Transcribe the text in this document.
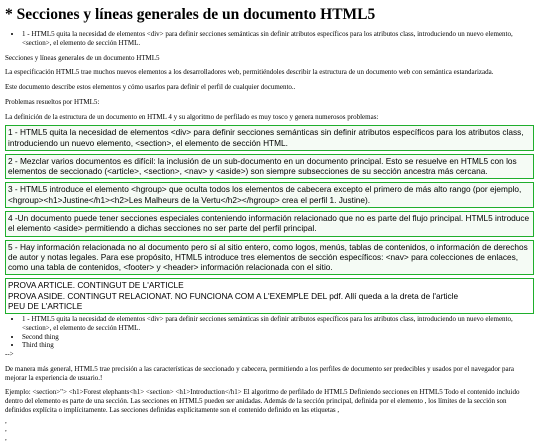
* Secciones y líneas generales de un documento HTML5
• 1 - HTML5 quita la necesidad de elementos <div> para definir secciones semánticas sin definir atributos específicos para los atributos class, introduciendo un nuevo elemento, <section>, el elemento de sección HTML.

Secciones y líneas generales de un documento HTML5

La especificación HTML5 trae muchos nuevos elementos a los desarrolladores web, permitiéndoles describir la estructura de un documento web con semántica estandarizada.

Este documento describe estos elementos y cómo usarlos para definir el perfil de cualquier documento..

Problemas resueltos por HTML5:

La definición de la estructura de un documento en HTML 4 y su algoritmo de perfilado es muy tosco y genera numerosos problemas:

1 - HTML5 quita la necesidad de elementos <div> para definir secciones semánticas sin definir atributos específicos para los atributos class, introduciendo un nuevo elemento, <section>, el elemento de sección HTML.
2 - Mezclar varios documentos es difícil: la inclusión de un sub-documento en un documento principal. Esto se resuelve en HTML5 con los elementos de seccionado (<article>, <section>, <nav> y <aside>) son siempre subsecciones de su sección ancestra más cercana.
3 - HTML5 introduce el elemento <hgroup> que oculta todos los elementos de cabecera excepto el primero de más alto rango (por ejemplo, <hgroup><h1>Justine</h1><h2>Les Malheurs de la Vertu</h2></hgroup> crea el perfil 1. Justine).
4 -Un documento puede tener secciones especiales conteniendo información relacionado que no es parte del flujo principal. HTML5 introduce el elemento <aside> permitiendo a dichas secciones no ser parte del perfil principal.
5 - Hay información relacionada no al documento pero sí al sitio entero, como logos, menús, tablas de contenidos, o información de derechos de autor y notas legales. Para ese propósito, HTML5 introduce tres elementos de sección específicos: <nav> para colecciones de enlaces, como una tabla de contenidos, <footer> y <header> información relacionada con el sitio.
PROVA ARTICLE. CONTINGUT DE L'ARTICLE
PROVA ASIDE. CONTINGUT RELACIONAT. NO FUNCIONA COM A L'EXEMPLE DEL pdf. Allí queda a la dreta de l'article
PEU DE L'ARTICLE
• 1 - HTML5 quita la necesidad de elementos <div> para definir secciones semánticas sin definir atributos específicos para los atributos class, introduciendo un nuevo elemento, <section>, el elemento de sección HTML.
• Second thing
• Third thing
-->

De manera más general, HTML5 trae precisión a las características de seccionado y cabecera, permitiendo a los perfiles de documento ser predecibles y usados por el navegador para mejorar la experiencia de usuario.!

Ejemplo: <section>"> <h1>Forest elephants<h1> <section> <h1>Introduction</h1> El algoritmo de perfilado de HTML5 Definiendo secciones en HTML5 Todo el contenido incluido dentro del elemento es parte de una sección. Las secciones en HTML5 pueden ser anidadas. Además de la sección principal, definida por el elemento , los límites de la sección son definidos explícita o implícitamente. Las secciones definidas explícitamente son el contenido definido en las etiquetas ,

,
,
,
